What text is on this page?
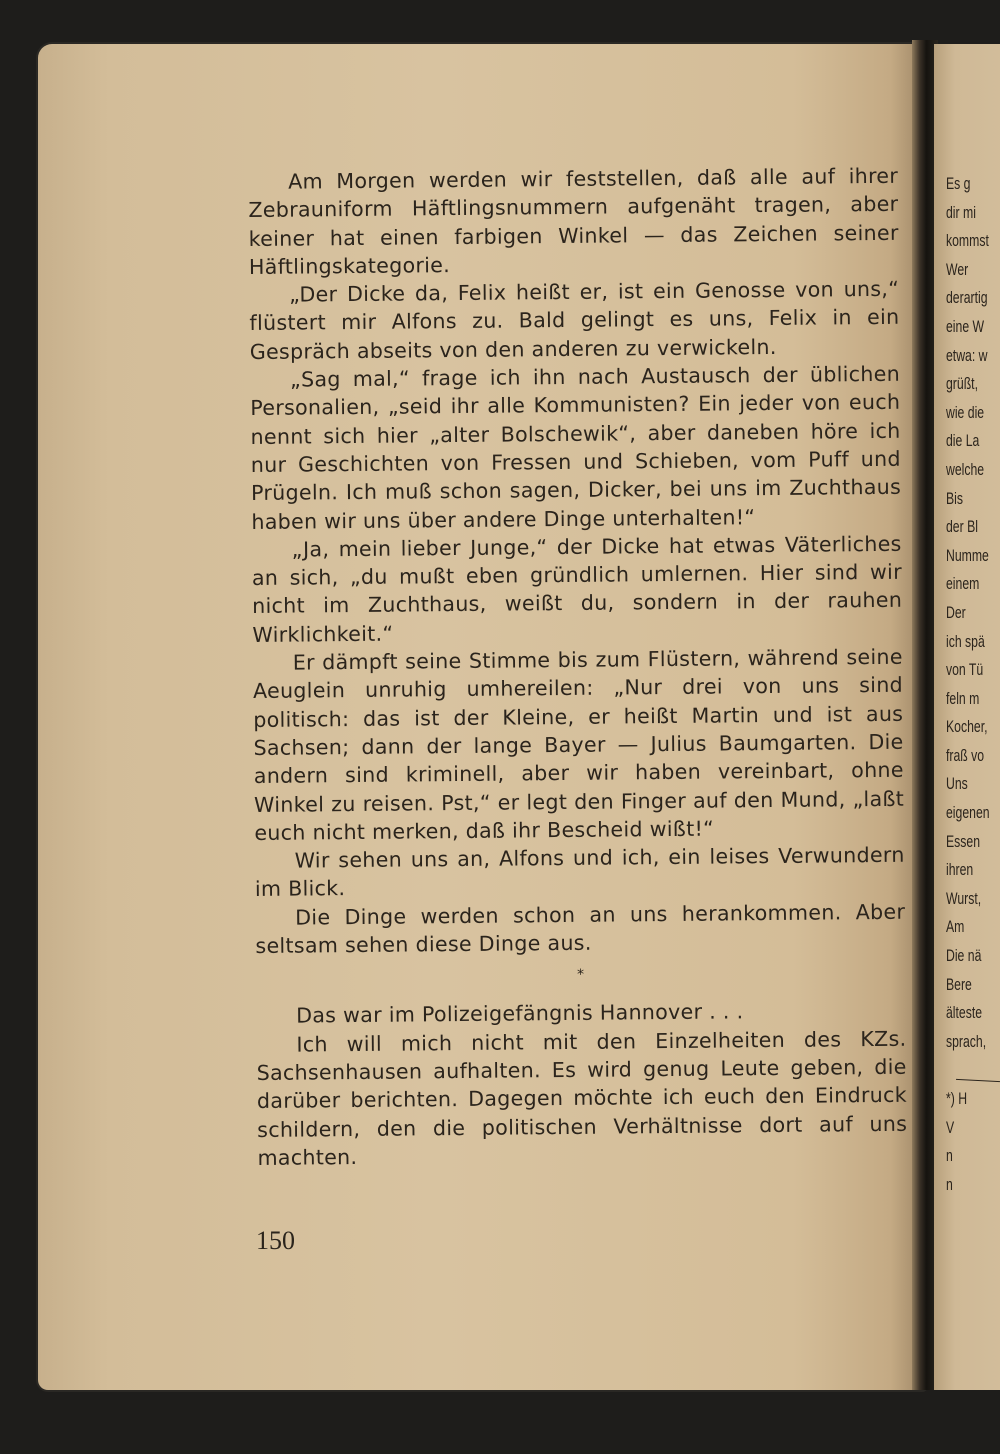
Am Morgen werden wir feststellen, daß alle auf ihrer Zebrauniform Häftlingsnummern aufgenäht tragen, aber keiner hat einen farbigen Winkel — das Zeichen seiner Häftlingskategorie.

„Der Dicke da, Felix heißt er, ist ein Genosse von uns,“ flüstert mir Alfons zu. Bald gelingt es uns, Felix in ein Gespräch abseits von den anderen zu verwickeln.

„Sag mal,“ frage ich ihn nach Austausch der üblichen Personalien, „seid ihr alle Kommunisten? Ein jeder von euch nennt sich hier „alter Bolschewik“, aber daneben höre ich nur Geschichten von Fressen und Schieben, vom Puff und Prügeln. Ich muß schon sagen, Dicker, bei uns im Zuchthaus haben wir uns über andere Dinge unterhalten!“

„Ja, mein lieber Junge,“ der Dicke hat etwas Väterliches an sich, „du mußt eben gründlich umlernen. Hier sind wir nicht im Zuchthaus, weißt du, sondern in der rauhen Wirklichkeit.“

Er dämpft seine Stimme bis zum Flüstern, während seine Aeuglein unruhig umhereilen: „Nur drei von uns sind politisch: das ist der Kleine, er heißt Martin und ist aus Sachsen; dann der lange Bayer — Julius Baumgarten. Die andern sind kriminell, aber wir haben vereinbart, ohne Winkel zu reisen. Pst,“ er legt den Finger auf den Mund, „laßt euch nicht merken, daß ihr Bescheid wißt!“

Wir sehen uns an, Alfons und ich, ein leises Verwundern im Blick.

Die Dinge werden schon an uns herankommen. Aber seltsam sehen diese Dinge aus.

*

Das war im Polizeigefängnis Hannover . . .

Ich will mich nicht mit den Einzelheiten des KZs. Sachsenhausen aufhalten. Es wird genug Leute geben, die darüber berichten. Dagegen möchte ich euch den Eindruck schildern, den die politischen Verhältnisse dort auf uns machten.

150
Es g
dir mi
kommst
Wer
derartig
eine W
etwa: w
grüßt,
wie die
die La
welche
Bis
der Bl
Numme
einem
Der
ich spä
von Tü
feln m
Kocher,
fraß vo
Uns
eigenen
Essen
ihren
Wurst,
Am
Die nä
Bere
älteste
sprach,
*) H
V
n
n
